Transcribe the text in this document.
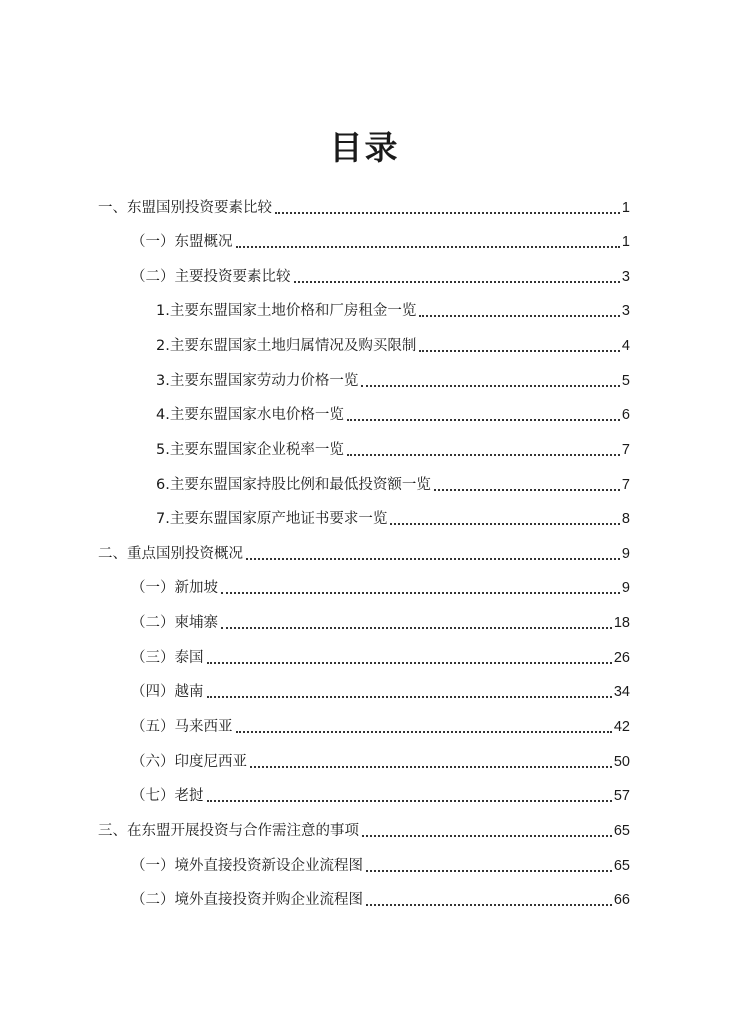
目录
一、东盟国别投资要素比较	1
（一）东盟概况	1
（二）主要投资要素比较	3
1.主要东盟国家土地价格和厂房租金一览	3
2.主要东盟国家土地归属情况及购买限制	4
3.主要东盟国家劳动力价格一览	5
4.主要东盟国家水电价格一览	6
5.主要东盟国家企业税率一览	7
6.主要东盟国家持股比例和最低投资额一览	7
7.主要东盟国家原产地证书要求一览	8
二、重点国别投资概况	9
（一）新加坡	9
（二）柬埔寨	18
（三）泰国	26
（四）越南	34
（五）马来西亚	42
（六）印度尼西亚	50
（七）老挝	57
三、在东盟开展投资与合作需注意的事项	65
（一）境外直接投资新设企业流程图	65
（二）境外直接投资并购企业流程图	66
